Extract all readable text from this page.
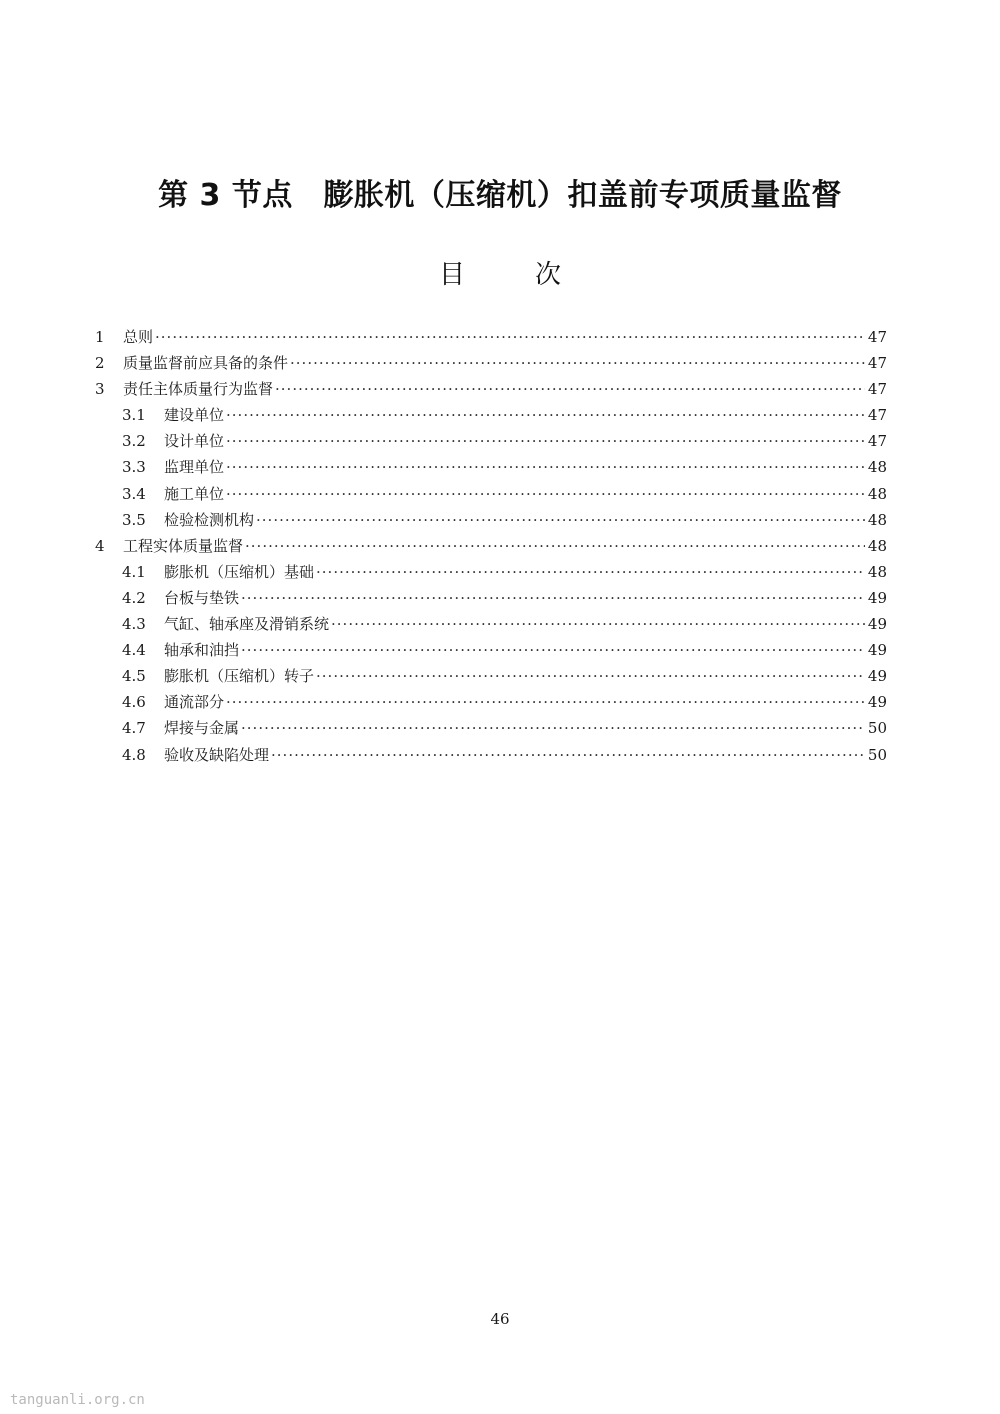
第 3 节点　膨胀机（压缩机）扣盖前专项质量监督
目次
1	总则 ·····	47
2	质量监督前应具备的条件 ·····	47
3	责任主体质量行为监督 ·····	47
3.1	建设单位 ·····	47
3.2	设计单位 ·····	47
3.3	监理单位 ·····	48
3.4	施工单位 ·····	48
3.5	检验检测机构 ·····	48
4	工程实体质量监督 ·····	48
4.1	膨胀机（压缩机）基础 ·····	48
4.2	台板与垫铁 ·····	49
4.3	气缸、轴承座及滑销系统 ·····	49
4.4	轴承和油挡 ·····	49
4.5	膨胀机（压缩机）转子 ·····	49
4.6	通流部分 ·····	49
4.7	焊接与金属 ·····	50
4.8	验收及缺陷处理 ·····	50
46
tanguanli.org.cn
